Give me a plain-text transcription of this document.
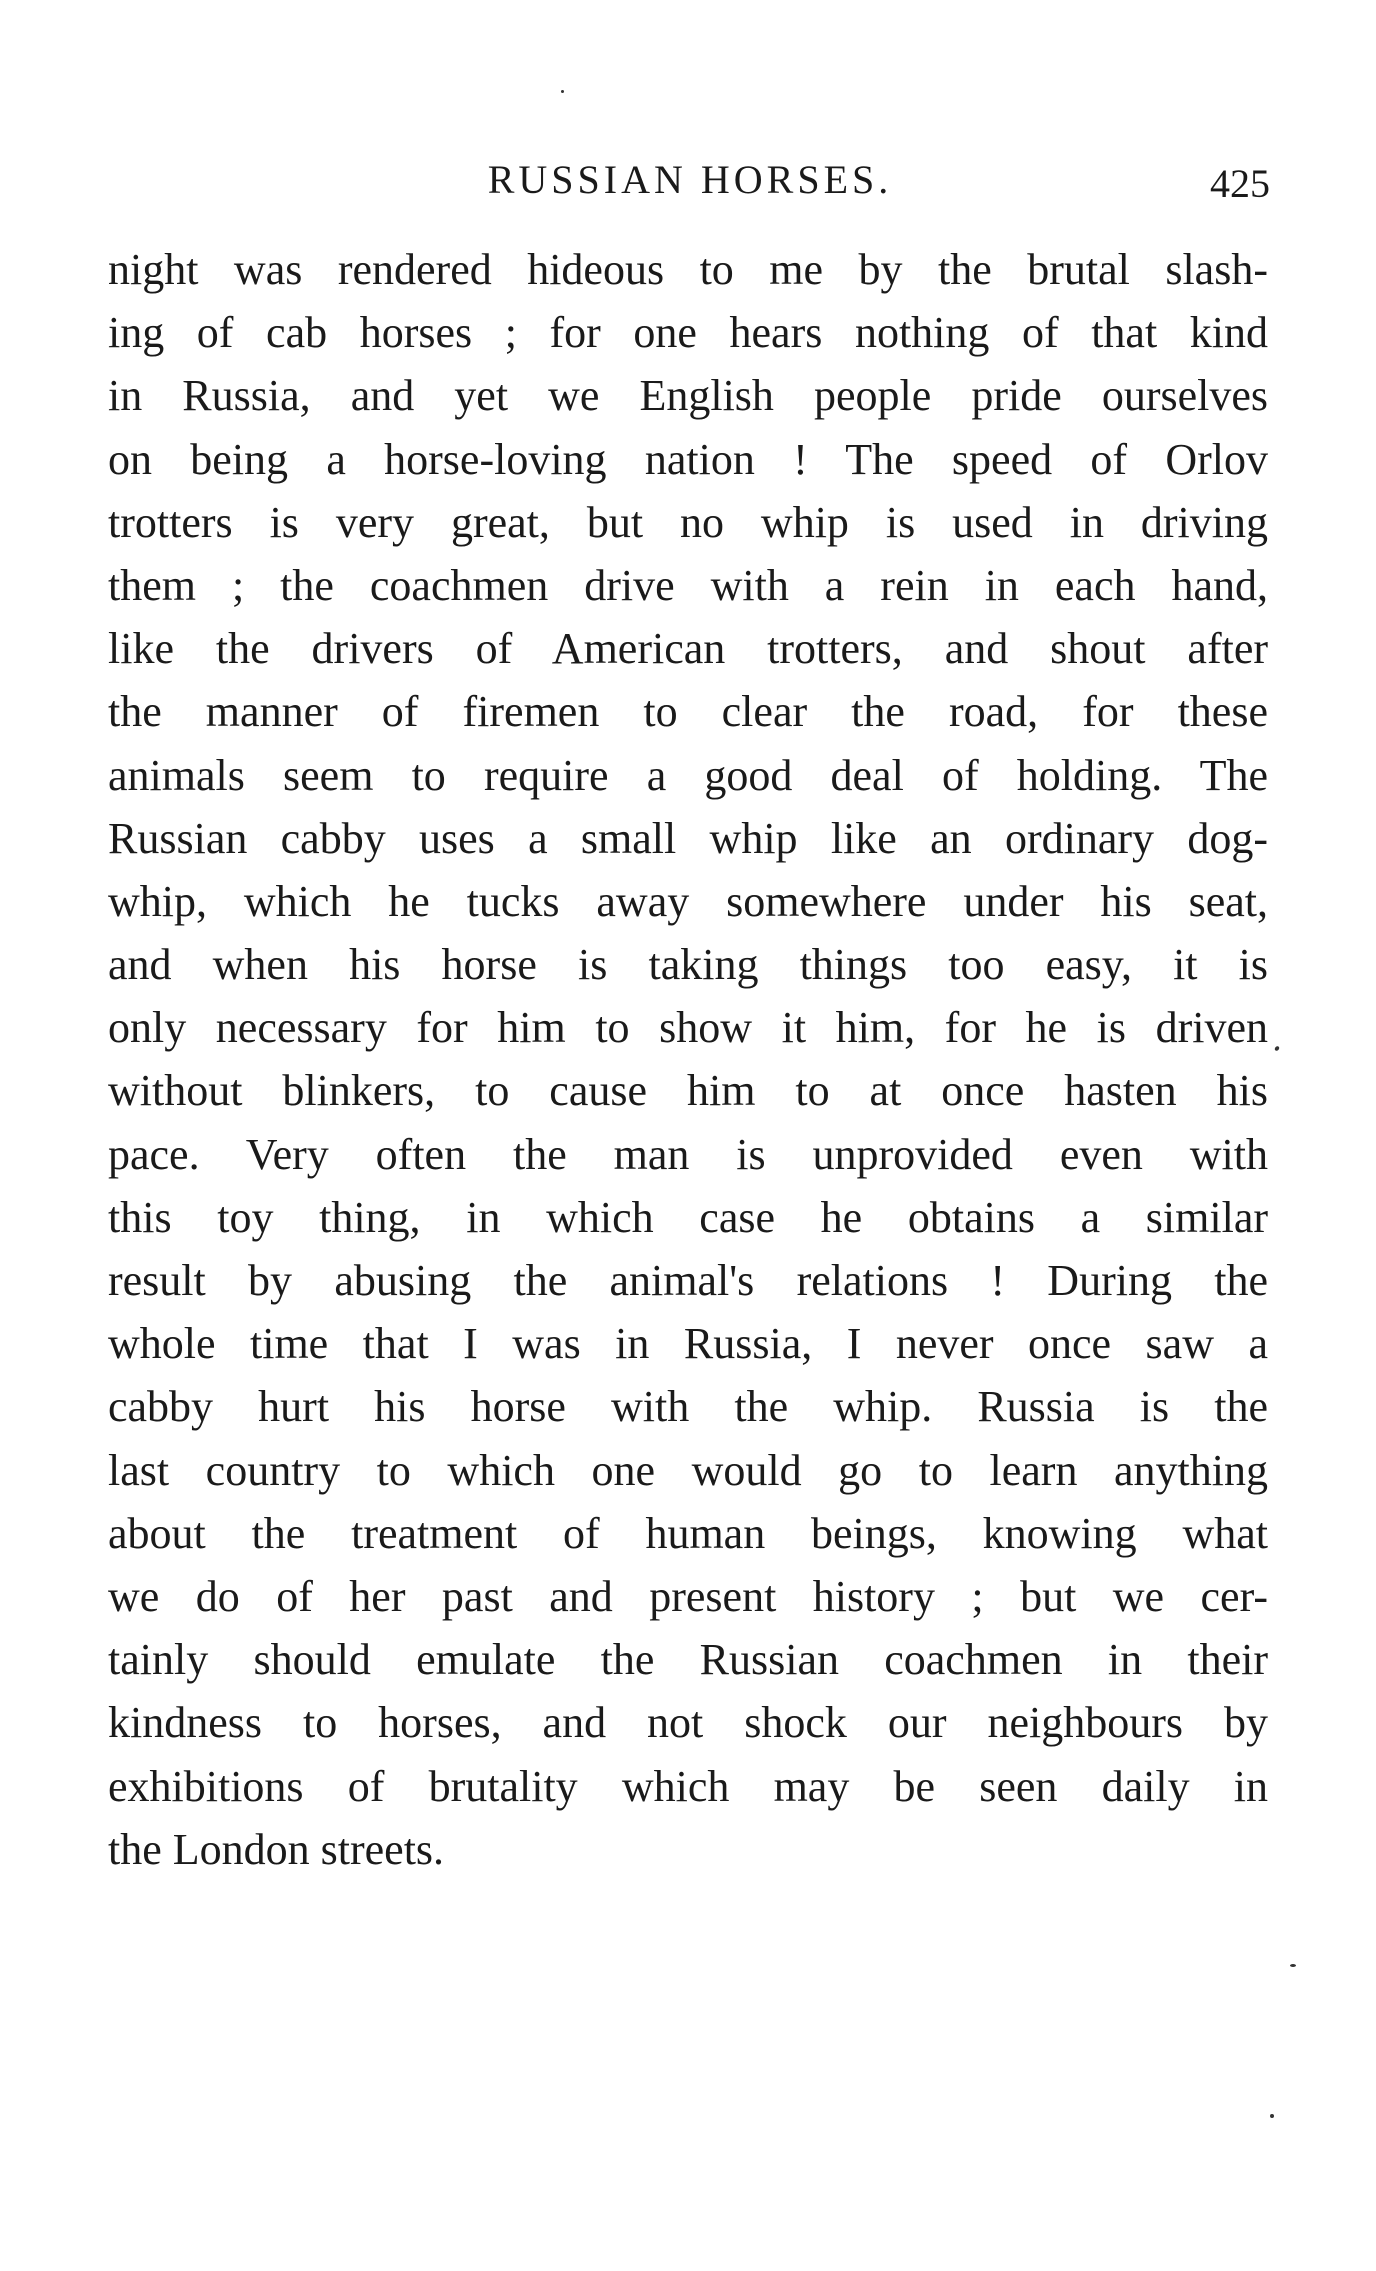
RUSSIAN HORSES.	425
night was rendered hideous to me by the brutal slash-
ing of cab horses ; for one hears nothing of that kind
in Russia, and yet we English people pride ourselves
on being a horse-loving nation ! The speed of Orlov
trotters is very great, but no whip is used in driving
them ; the coachmen drive with a rein in each hand,
like the drivers of American trotters, and shout after
the manner of firemen to clear the road, for these
animals seem to require a good deal of holding. The
Russian cabby uses a small whip like an ordinary dog-
whip, which he tucks away somewhere under his seat,
and when his horse is taking things too easy, it is
only necessary for him to show it him, for he is driven
without blinkers, to cause him to at once hasten his
pace. Very often the man is unprovided even with
this toy thing, in which case he obtains a similar
result by abusing the animal's relations ! During the
whole time that I was in Russia, I never once saw a
cabby hurt his horse with the whip. Russia is the
last country to which one would go to learn anything
about the treatment of human beings, knowing what
we do of her past and present history ; but we cer-
tainly should emulate the Russian coachmen in their
kindness to horses, and not shock our neighbours by
exhibitions of brutality which may be seen daily in
the London streets.
